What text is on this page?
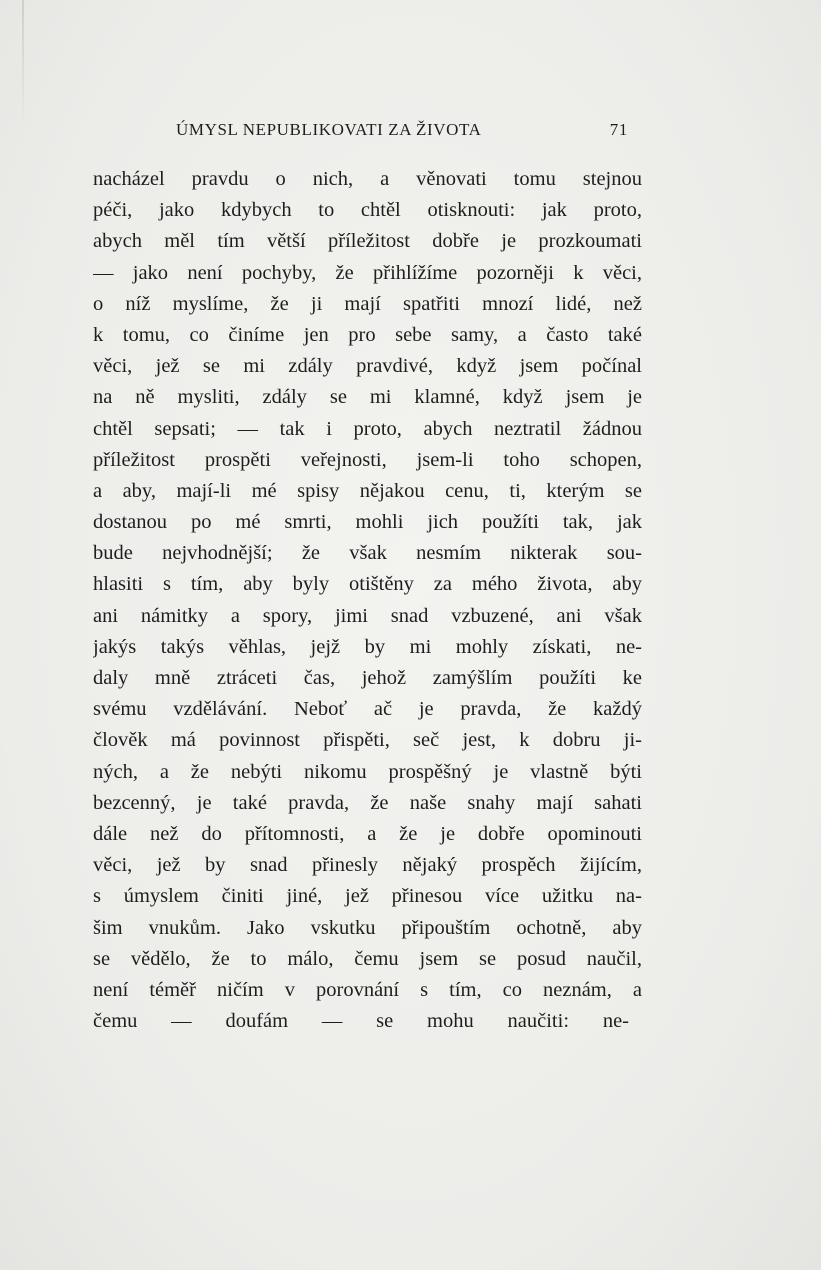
ÚMYSL NEPUBLIKOVATI ZA ŽIVOTA	71
nacházel pravdu o nich, a věnovati tomu stejnou
péči, jako kdybych to chtěl otisknouti: jak proto,
abych měl tím větší příležitost dobře je prozkoumati
— jako není pochyby, že přihlížíme pozorněji k věci,
o níž myslíme, že ji mají spatřiti mnozí lidé, než
k tomu, co činíme jen pro sebe samy, a často také
věci, jež se mi zdály pravdivé, když jsem počínal
na ně mysliti, zdály se mi klamné, když jsem je
chtěl sepsati; — tak i proto, abych neztratil žádnou
příležitost prospěti veřejnosti, jsem-li toho schopen,
a aby, mají-li mé spisy nějakou cenu, ti, kterým se
dostanou po mé smrti, mohli jich použíti tak, jak
bude nejvhodnější; že však nesmím nikterak sou-
hlasiti s tím, aby byly otištěny za mého života, aby
ani námitky a spory, jimi snad vzbuzené, ani však
jakýs takýs věhlas, jejž by mi mohly získati, ne-
daly mně ztráceti čas, jehož zamýšlím použíti ke
svému vzdělávání. Neboť ač je pravda, že každý
člověk má povinnost přispěti, seč jest, k dobru ji-
ných, a že nebýti nikomu prospěšný je vlastně býti
bezcenný, je také pravda, že naše snahy mají sahati
dále než do přítomnosti, a že je dobře opominouti
věci, jež by snad přinesly nějaký prospěch žijícím,
s úmyslem činiti jiné, jež přinesou více užitku na-
šim vnukům. Jako vskutku připouštím ochotně, aby
se vědělo, že to málo, čemu jsem se posud naučil,
není téměř ničím v porovnání s tím, co neznám, a
čemu — doufám — se mohu naučiti: ne-
